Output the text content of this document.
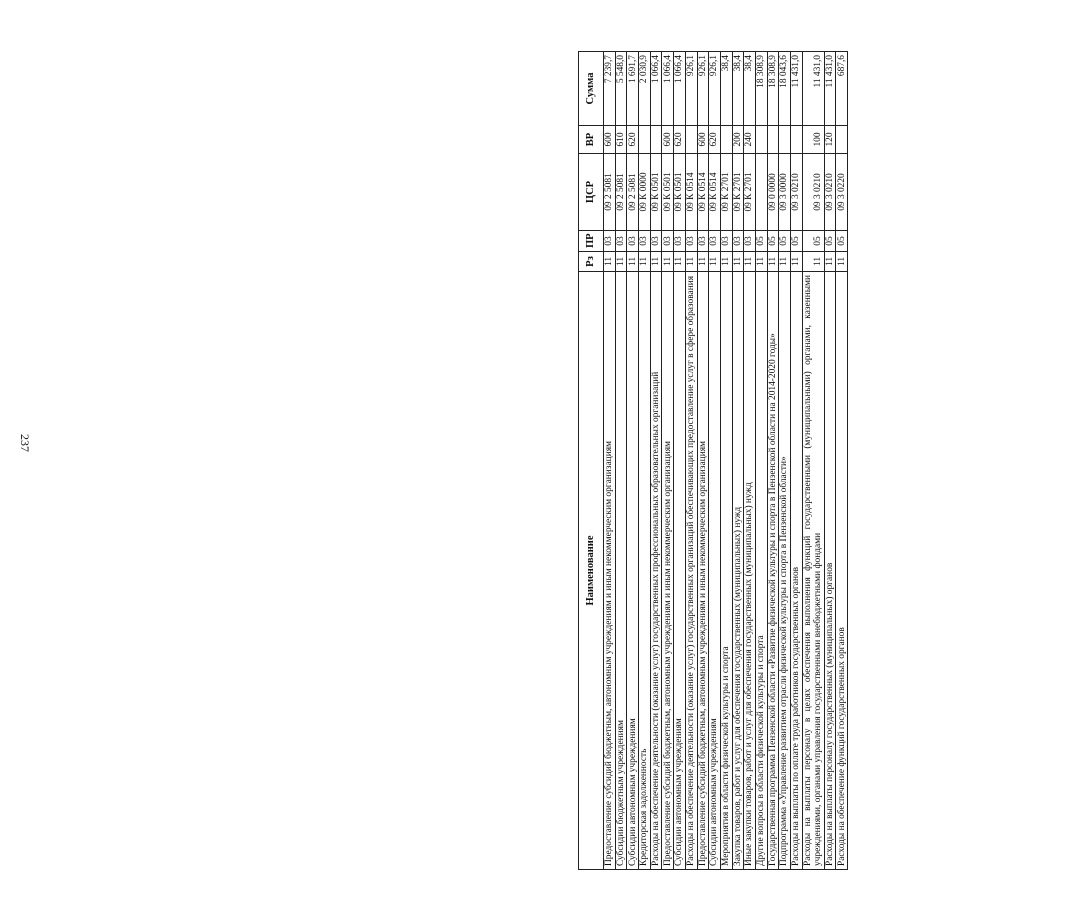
237
Наименование	Рз	ПР	ЦСР	ВР	Сумма
Предоставление субсидий бюджетным, автономным учреждениям и иным некоммерческим организациям	11	03	09 2 5081	600	7 239,7
Субсидии бюджетным учреждениям	11	03	09 2 5081	610	5 548,0
Субсидии автономным учреждениям	11	03	09 2 5081	620	1 691,7
Кредиторская задолженность	11	03	09 К 0000		2 030,9
Расходы на обеспечение деятельности (оказание услуг) государственных профессиональных образовательных организаций	11	03	09 К 0501		1 066,4
Предоставление субсидий бюджетным, автономным учреждениям и иным некоммерческим организациям	11	03	09 К 0501	600	1 066,4
Субсидии автономным учреждениям	11	03	09 К 0501	620	1 066,4
Расходы на обеспечение деятельности (оказание услуг) государственных организаций обеспечивающих предоставление услуг в сфере образования	11	03	09 К 0514		926,1
Предоставление субсидий бюджетным, автономным учреждениям и иным некоммерческим организациям	11	03	09 К 0514	600	926,1
Субсидии автономным учреждениям	11	03	09 К 0514	620	926,1
Мероприятия в области физической культуры и спорта	11	03	09 К 2701		38,4
Закупка товаров, работ и услуг для обеспечения государственных (муниципальных) нужд	11	03	09 К 2701	200	38,4
Иные закупки товаров, работ и услуг для обеспечения государственных (муниципальных) нужд	11	03	09 К 2701	240	38,4
Другие вопросы в области физической культуры и спорта	11	05			18 308,9
Государственная программа Пензенской области «Развитие физической культуры и спорта в Пензенской области на 2014-2020 годы»	11	05	09 0 0000		18 308,9
Подпрограмма «Управление развитием отрасли физической культуры и спорта в Пензенской области»	11	05	09 3 0000		18 043,6
Расходы на выплаты по оплате труда работников государственных органов	11	05	09 3 0210		11 431,0
Расходы на выплаты персоналу в целях обеспечения выполнения функций государственными (муниципальными) органами, казенными учреждениями, органами управления государственными внебюджетными фондами	11	05	09 3 0210	100	11 431,0
Расходы на выплаты персоналу государственных (муниципальных) органов	11	05	09 3 0210	120	11 431,0
Расходы на обеспечение функций государственных органов	11	05	09 3 0220		687,6
